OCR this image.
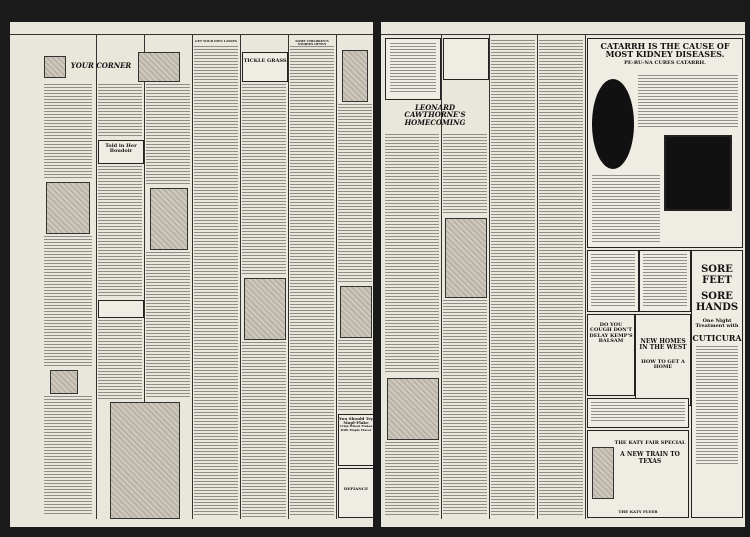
YOUR CORNER
Told in Her Boudoir
GET YOUR OWN LASSES
TICKLE GRASS
SOME CHILDREN'S STORIES OFTEN
You Should Try Mapl-Flake
Crisp Wheat Flakes With Maple Flavor
DEFIANCE
LEONARD CAWTHORNE'S HOMECOMING
CATARRH IS THE CAUSE OF MOST KIDNEY DISEASES.
PE-RU-NA CURES CATARRH.
DO YOU COUGH DON'T DELAY KEMP'S BALSAM	NEW HOMES IN THE WEST
HOW TO GET A HOME
THE KATY FAIR SPECIAL
A NEW TRAIN TO TEXAS
THE KATY FLYER
SORE FEET
SORE HANDS
One Night Treatment with
CUTICURA
